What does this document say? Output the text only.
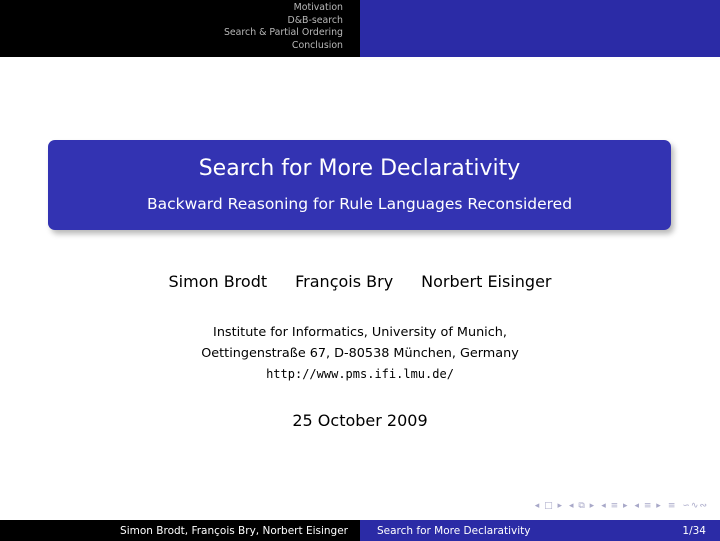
Motivation
D&B-search
Search & Partial Ordering
Conclusion
Search for More Declarativity
Backward Reasoning for Rule Languages Reconsidered
Simon Brodt François Bry Norbert Eisinger
Institute for Informatics, University of Munich,
Oettingenstraße 67, D-80538 München, Germany
http://www.pms.ifi.lmu.de/
25 October 2009
◂ □ ▸ ◂ ⧉ ▸ ◂ ≡ ▸ ◂ ≡ ▸ ≡ ∽∿∾
Simon Brodt, François Bry, Norbert Eisinger	Search for More Declarativity	1/34
